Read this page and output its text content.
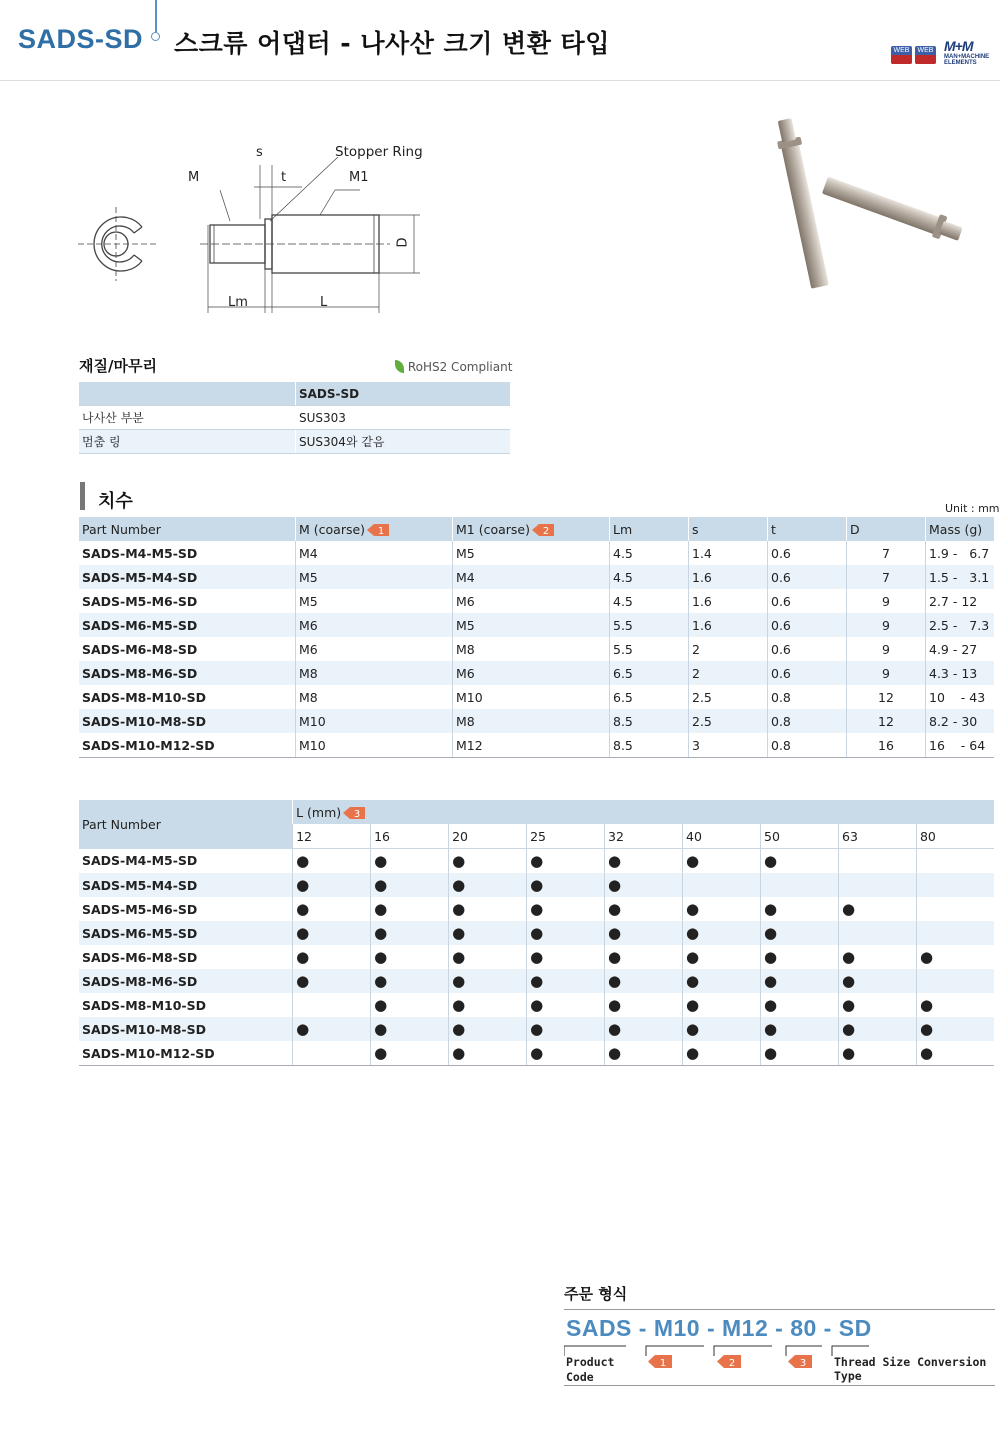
SADS-SD 스크류 어댑터 - 나사산 크기 변환 타입	WEB	WEB M+M
MAN+MACHINE ELEMENTS
s
t
Stopper Ring
M	M1
D
Lm	L
재질/마무리	RoHS2 Compliant
	SADS-SD
나사산 부분	SUS303
멈춤 링	SUS304와 같음
치수	Unit : mm
Part Number	M (coarse) 1	M1 (coarse) 2	Lm	s	t	D	Mass (g)
SADS-M4-M5-SD	M4	M5	4.5	1.4	0.6	7	1.9 -   6.7
SADS-M5-M4-SD	M5	M4	4.5	1.6	0.6	7	1.5 -   3.1
SADS-M5-M6-SD	M5	M6	4.5	1.6	0.6	9	2.7 - 12
SADS-M6-M5-SD	M6	M5	5.5	1.6	0.6	9	2.5 -   7.3
SADS-M6-M8-SD	M6	M8	5.5	2	0.6	9	4.9 - 27
SADS-M8-M6-SD	M8	M6	6.5	2	0.6	9	4.3 - 13
SADS-M8-M10-SD	M8	M10	6.5	2.5	0.8	12	10    - 43
SADS-M10-M8-SD	M10	M8	8.5	2.5	0.8	12	8.2 - 30
SADS-M10-M12-SD	M10	M12	8.5	3	0.8	16	16    - 64
Part Number	L (mm) 3								

	12	16	20	25	32	40	50	63	80
SADS-M4-M5-SD	●	●	●	●	●	●	●		
SADS-M5-M4-SD	●	●	●	●	●				
SADS-M5-M6-SD	●	●	●	●	●	●	●	●	
SADS-M6-M5-SD	●	●	●	●	●	●	●		
SADS-M6-M8-SD	●	●	●	●	●	●	●	●	●
SADS-M8-M6-SD	●	●	●	●	●	●	●	●	
SADS-M8-M10-SD		●	●	●	●	●	●	●	●
SADS-M10-M8-SD	●	●	●	●	●	●	●	●	●
SADS-M10-M12-SD		●	●	●	●	●	●	●	●
주문 형식
SADS - M10 - M12 - 80 - SD
Product Code
1	2	3 Thread Size Conversion Type
